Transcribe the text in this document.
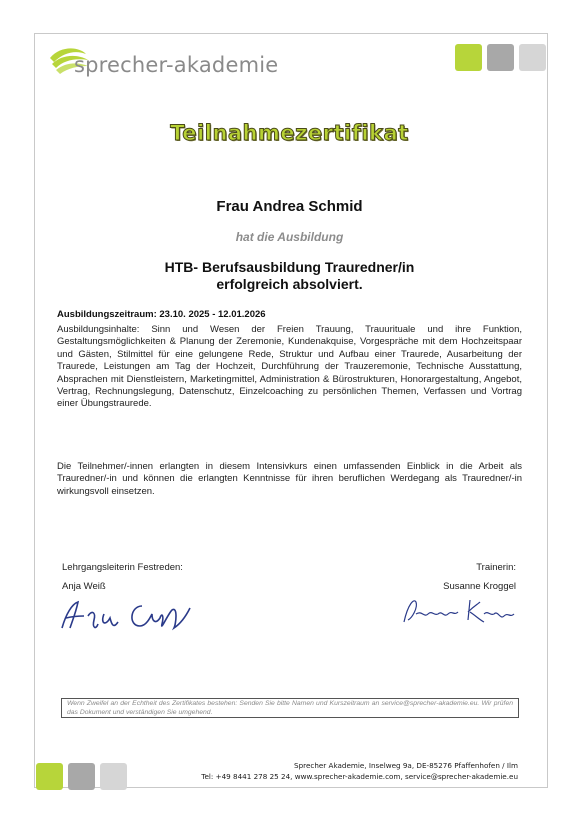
sprecher-akademie
Teilnahmezertifikat
Frau Andrea Schmid
hat die Ausbildung
HTB- Berufsausbildung Trauredner/in
erfolgreich absolviert.
Ausbildungszeitraum: 23.10. 2025 - 12.01.2026
Ausbildungsinhalte: Sinn und Wesen der Freien Trauung, Trauurituale und ihre Funktion, Gestaltungsmöglichkeiten & Planung der Zeremonie, Kundenakquise, Vorgespräche mit dem Hochzeitspaar und Gästen, Stilmittel für eine gelungene Rede, Struktur und Aufbau einer Traurede, Ausarbeitung der Traurede, Leistungen am Tag der Hochzeit, Durchführung der Trauzeremonie, Technische Ausstattung, Absprachen mit Dienstleistern, Marketingmittel, Administration & Bürostrukturen, Honorargestaltung, Angebot, Vertrag, Rechnungslegung, Datenschutz, Einzelcoaching zu persönlichen Themen, Verfassen und Vortrag einer Übungstraurede.
Die Teilnehmer/-innen erlangten in diesem Intensivkurs einen umfassenden Einblick in die Arbeit als Trauredner/-in und können die erlangten Kenntnisse für ihren beruflichen Werdegang als Trauredner/-in wirkungsvoll einsetzen.
Lehrgangsleiterin Festreden:
Anja Weiß
Trainerin:
Susanne Kroggel
Wenn Zweifel an der Echtheit des Zertifikates bestehen: Senden Sie bitte Namen und Kurszeitraum an service@sprecher-akademie.eu. Wir prüfen das Dokument und verständigen Sie umgehend.
Sprecher Akademie, Inselweg 9a, DE-85276 Pfaffenhofen / Ilm
Tel: +49 8441 278 25 24, www.sprecher-akademie.com, service@sprecher-akademie.eu
